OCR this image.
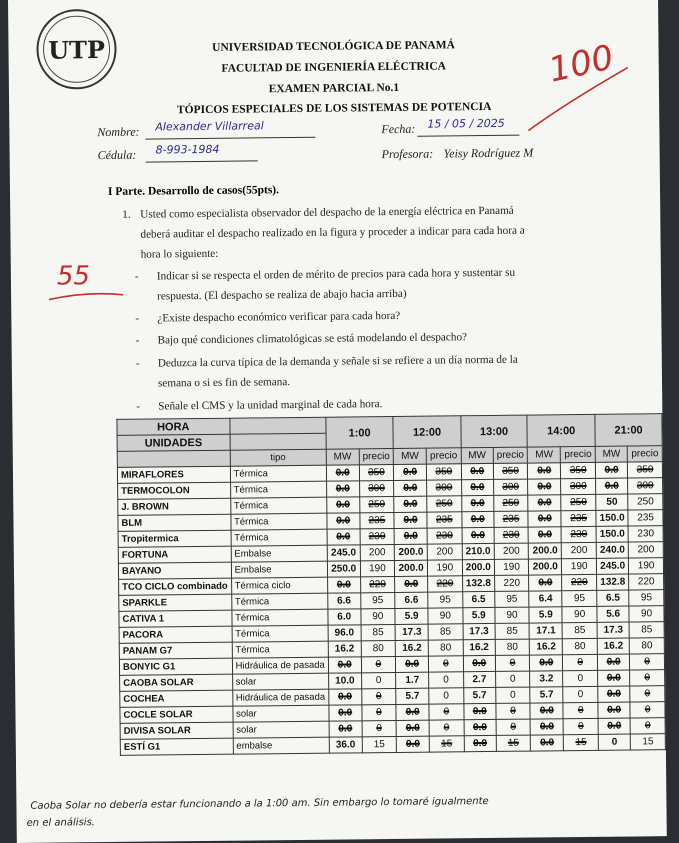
UTP	UNIVERSIDAD TECNOLÓGICA DE PANAMÁ
FACULTAD DE INGENIERÍA ELÉCTRICA
EXAMEN PARCIAL No.1
TÓPICOS ESPECIALES DE LOS SISTEMAS DE POTENCIA
100
Nombre: Alexander Villarreal	Fecha: 15 / 05 / 2025
Cédula: 8-993-1984	Profesora: Yeisy Rodríguez M
I Parte. Desarrollo de casos(55pts).
1. Usted como especialista observador del despacho de la energía eléctrica en Panamá
deberá auditar el despacho realizado en la figura y proceder a indicar para cada hora a
hora lo siguiente:
55	- Indicar si se respecta el orden de mérito de precios para cada hora y sustentar su
respuesta. (El despacho se realiza de abajo hacia arriba)
- ¿Existe despacho económico verificar para cada hora?
- Bajo qué condiciones climatológicas se está modelando el despacho?
- Deduzca la curva típica de la demanda y señale si se refiere a un día norma de la
semana o si es fin de semana.
- Señale el CMS y la unidad marginal de cada hora.
HORA		1:00		12:00		13:00		14:00		21:00	
UNIDADES											
	tipo	MW	precio	MW	precio	MW	precio	MW	precio	MW	precio
MIRAFLORES	Térmica	0.0	350	0.0	350	0.0	350	0.0	350	0.0	350
TERMOCOLON	Térmica	0.0	300	0.0	300	0.0	300	0.0	300	0.0	300
J. BROWN	Térmica	0.0	250	0.0	250	0.0	250	0.0	250	50	250
BLM	Térmica	0.0	235	0.0	235	0.0	235	0.0	235	150.0	235
Tropitermica	Térmica	0.0	230	0.0	230	0.0	230	0.0	230	150.0	230
FORTUNA	Embalse	245.0	200	200.0	200	210.0	200	200.0	200	240.0	200
BAYANO	Embalse	250.0	190	200.0	190	200.0	190	200.0	190	245.0	190
TCO CICLO combinado	Térmica ciclo	0.0	220	0.0	220	132.8	220	0.0	220	132.8	220
SPARKLE	Térmica	6.6	95	6.6	95	6.5	95	6.4	95	6.5	95
CATIVA 1	Térmica	6.0	90	5.9	90	5.9	90	5.9	90	5.6	90
PACORA	Térmica	96.0	85	17.3	85	17.3	85	17.1	85	17.3	85
PANAM G7	Térmica	16.2	80	16.2	80	16.2	80	16.2	80	16.2	80
BONYIC G1	Hidráulica de pasada	0.0	0	0.0	0	0.0	0	0.0	0	0.0	0
CAOBA SOLAR	solar	10.0	0	1.7	0	2.7	0	3.2	0	0.0	0
COCHEA	Hidráulica de pasada	0.0	0	5.7	0	5.7	0	5.7	0	0.0	0
COCLE SOLAR	solar	0.0	0	0.0	0	0.0	0	0.0	0	0.0	0
DIVISA SOLAR	solar	0.0	0	0.0	0	0.0	0	0.0	0	0.0	0
ESTÍ G1	embalse	36.0	15	0.0	15	0.0	15	0.0	15	0	15
Caoba Solar no debería estar funcionando a la 1:00 am. Sin embargo lo tomaré igualmente
en el análisis.
